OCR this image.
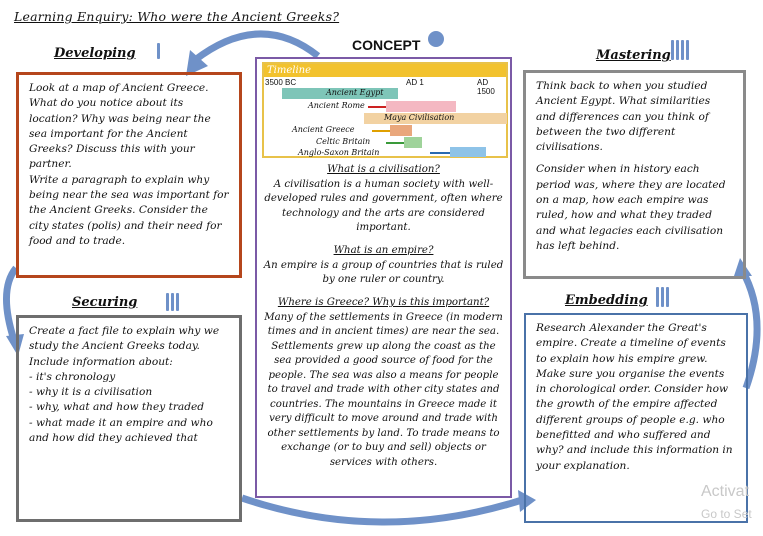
Learning Enquiry: Who were the Ancient Greeks?
Developing	Mastering
Securing	Embedding
CONCEPT

Look at a map of Ancient Greece. What do you notice about its location? Why was being near the sea important for the Ancient Greeks? Discuss this with your partner.

Write a paragraph to explain why being near the sea was important for the Ancient Greeks. Consider the city states (polis) and their need for food and to trade.

Think back to when you studied Ancient Egypt. What similarities and differences can you think of between the two different civilisations.

Consider when in history each period was, where they are located on a map, how each empire was ruled, how and what they traded and what legacies each civilisation has left behind.

Create a fact file to explain why we study the Ancient Greeks today.

Include information about:

- it's chronology

- why it is a civilisation

- why, what and how they traded

- what made it an empire and who and how did they achieved that

Research Alexander the Great's empire. Create a timeline of events to explain how his empire grew. Make sure you organise the events in chorological order. Consider how the growth of the empire affected different groups of people e.g. who benefitted and who suffered and why? and include this information in your explanation.

Timeline
3500 BC	AD 1	AD 1500
Ancient Egypt
Ancient Rome
Maya Civilisation
Ancient Greece
Celtic Britain
Anglo-Saxon Britain
What is a civilisation?
A civilisation is a human society with well-developed rules and government, often where technology and the arts are considered important.
What is an empire?
An empire is a group of countries that is ruled by one ruler or country.
Where is Greece? Why is this important?
Many of the settlements in Greece (in modern times and in ancient times) are near the sea. Settlements grew up along the coast as the sea provided a good source of food for the people. The sea was also a means for people to travel and trade with other city states and countries. The mountains in Greece made it very difficult to move around and trade with other settlements by land. To trade means to exchange (or to buy and sell) objects or services with others.
Activat
Go to Set
